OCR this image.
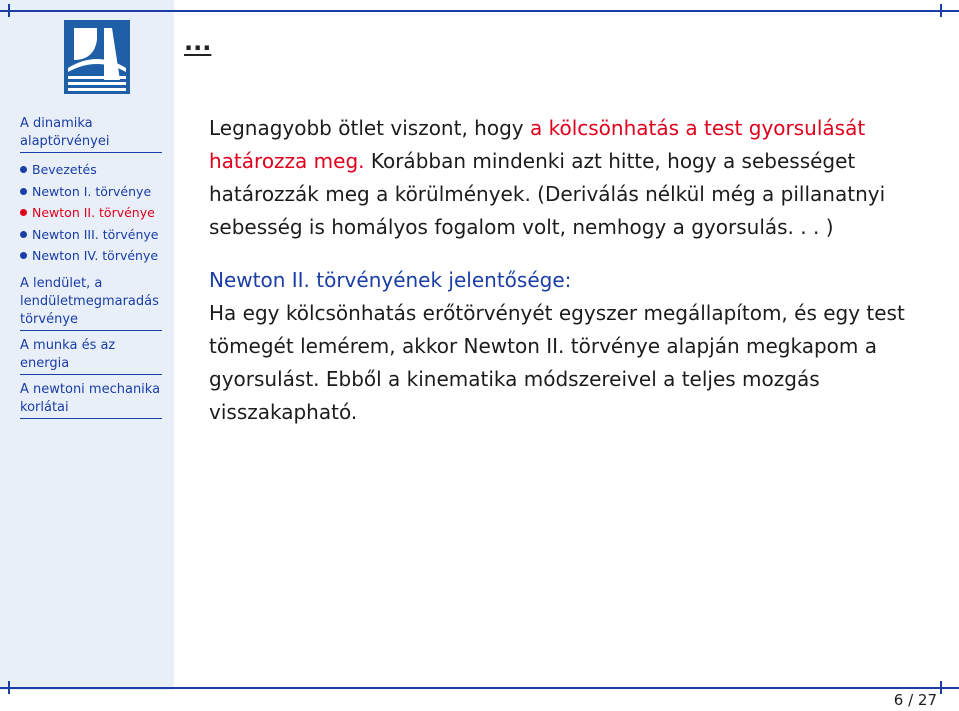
A dinamika alaptörvényei
Bevezetés
Newton I. törvénye
Newton II. törvénye
Newton III. törvénye
Newton IV. törvénye
A lendület, a lendületmegmaradás törvénye
A munka és az energia
A newtoni mechanika korlátai
...
Legnagyobb ötlet viszont, hogy a kölcsönhatás a test gyorsulását határozza meg. Korábban mindenki azt hitte, hogy a sebességet határozzák meg a körülmények. (Deriválás nélkül még a pillanatnyi sebesség is homályos fogalom volt, nemhogy a gyorsulás. . . )
Newton II. törvényének jelentősége:
Ha egy kölcsönhatás erőtörvényét egyszer megállapítom, és egy test tömegét lemérem, akkor Newton II. törvénye alapján megkapom a gyorsulást. Ebből a kinematika módszereivel a teljes mozgás visszakapható.
6 / 27
